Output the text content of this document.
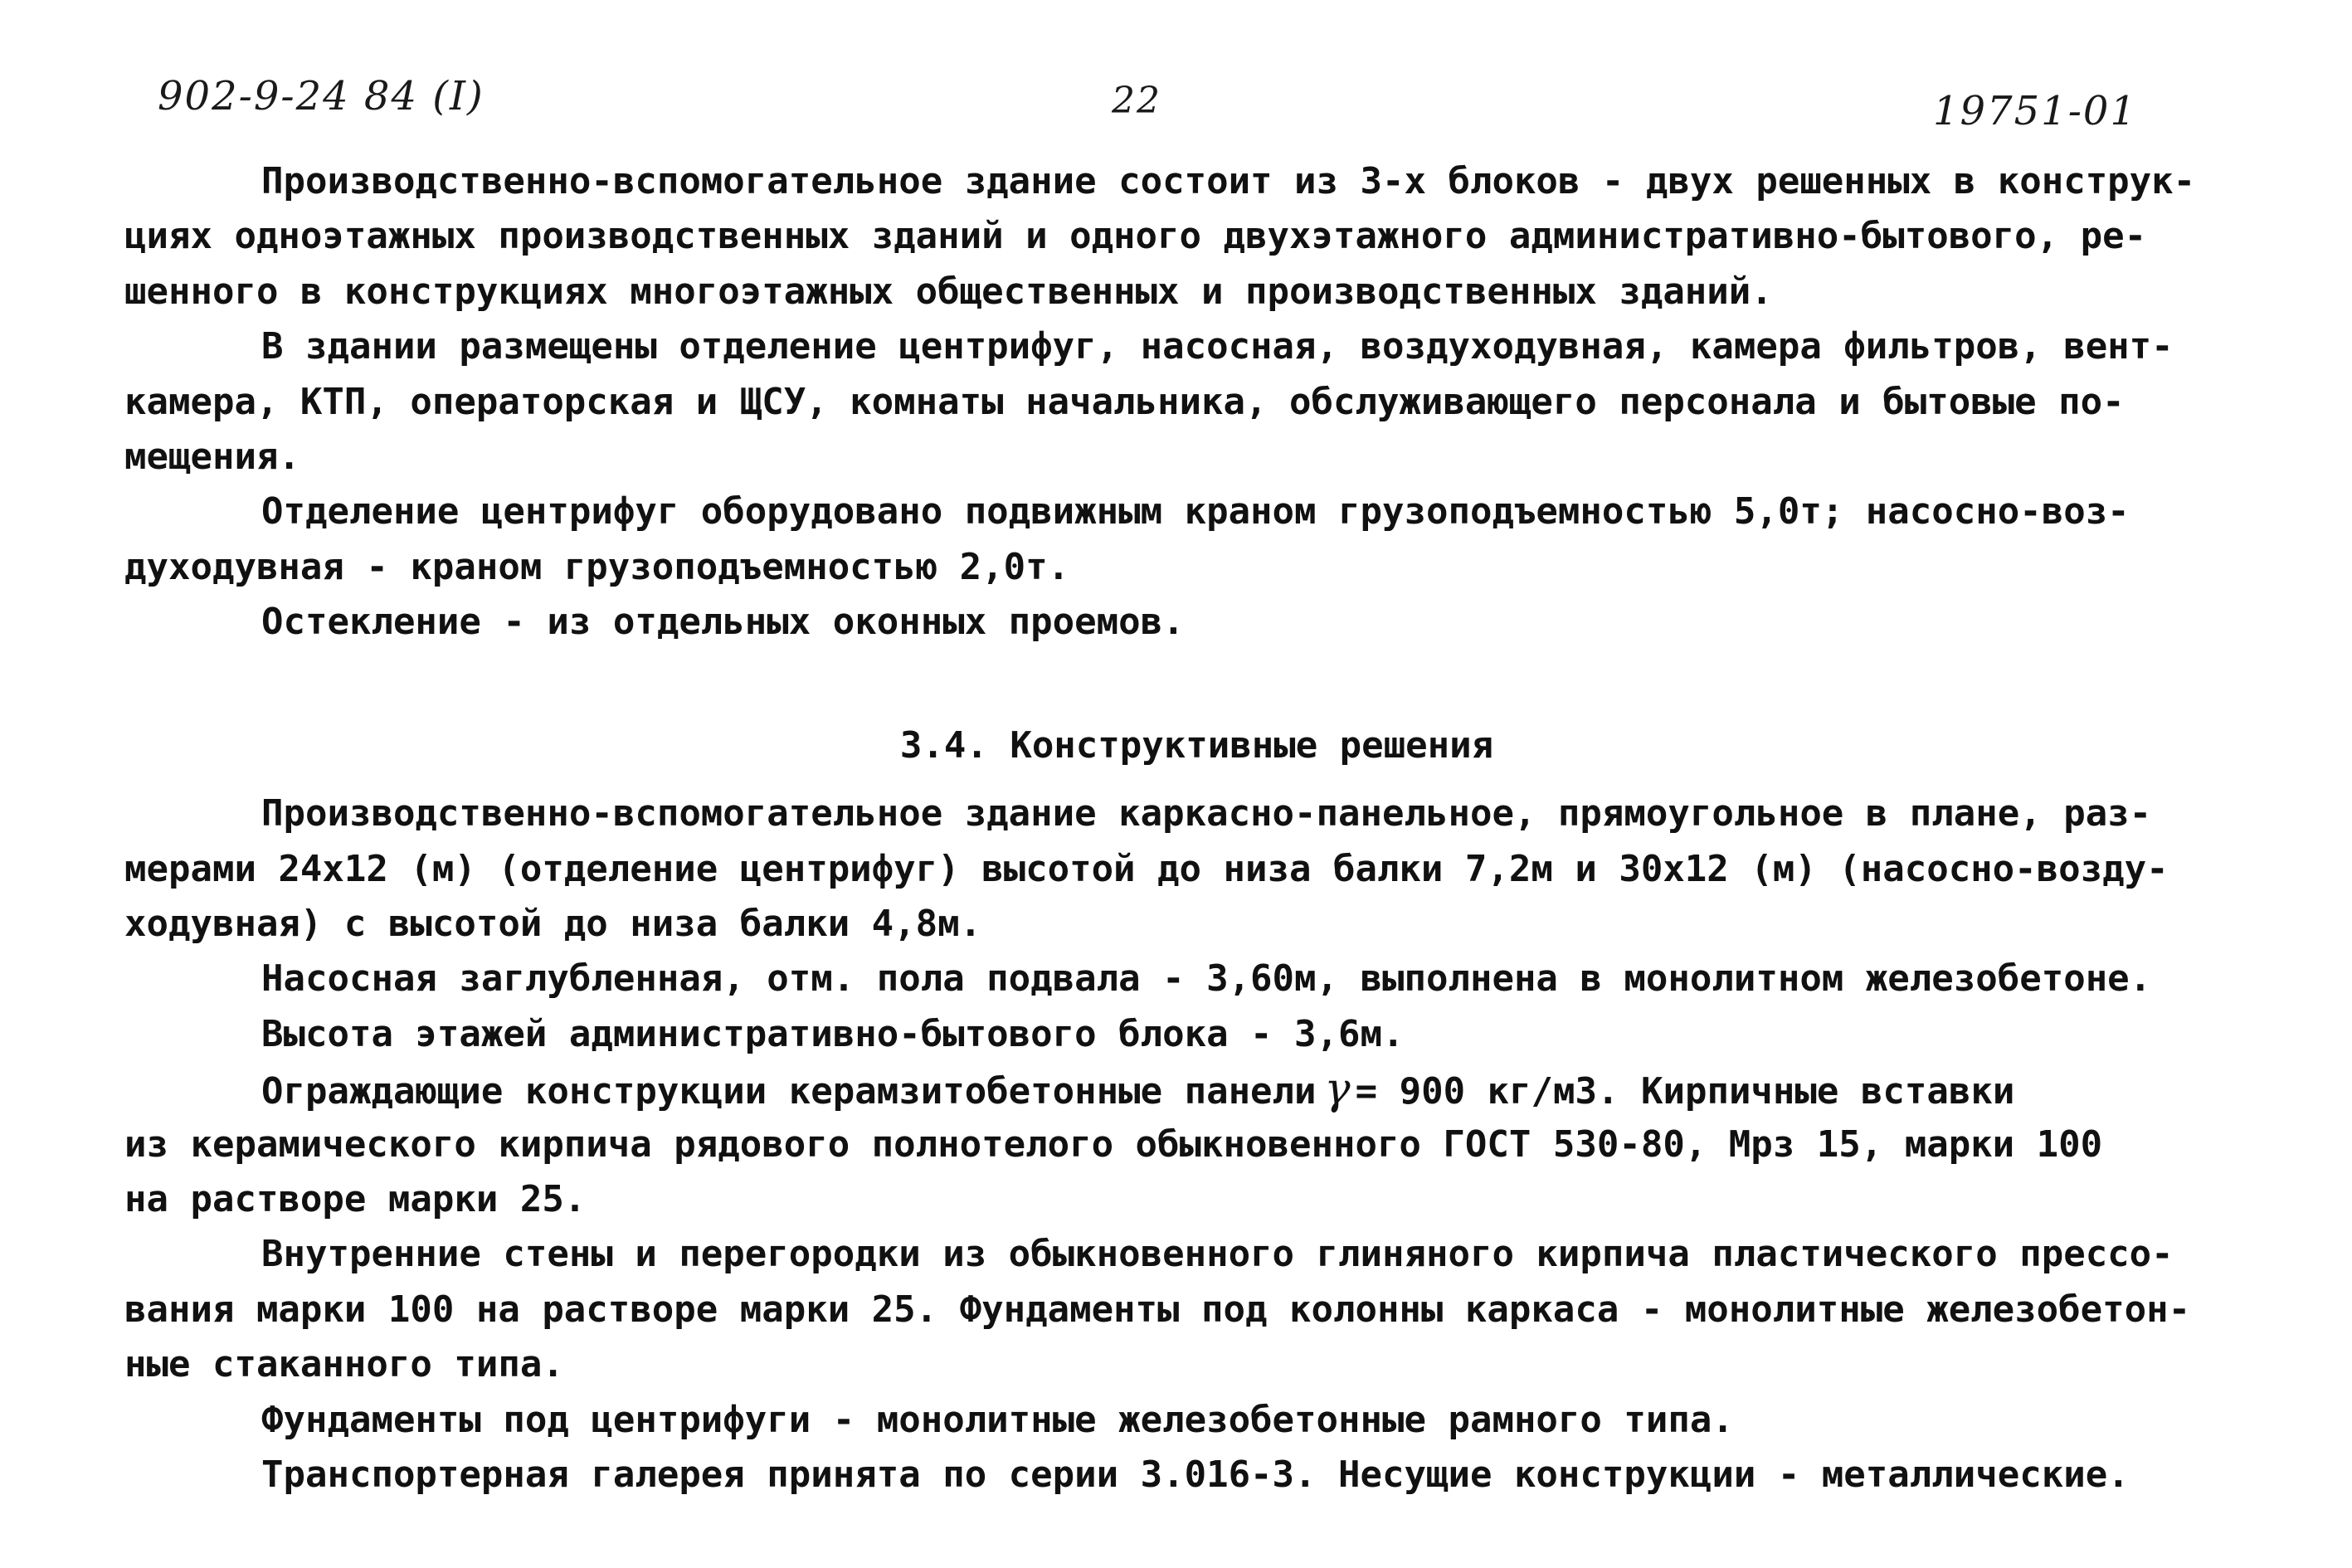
902-9-24 84 (I)	22	19751-01
Производственно-вспомогательное здание состоит из 3-х блоков - двух решенных в конструк-
циях одноэтажных производственных зданий и одного двухэтажного административно-бытового, ре-
шенного в конструкциях многоэтажных общественных и производственных зданий.
В здании размещены отделение центрифуг, насосная, воздуходувная, камера фильтров, вент-
камера, КТП, операторская и ЩСУ, комнаты начальника, обслуживающего персонала и бытовые по-
мещения.
Отделение центрифуг оборудовано подвижным краном грузоподъемностью 5,0т; насосно-воз-
духодувная - краном грузоподъемностью 2,0т.
Остекление - из отдельных оконных проемов.
3.4. Конструктивные решения
Производственно-вспомогательное здание каркасно-панельное, прямоугольное в плане, раз-
мерами 24х12 (м) (отделение центрифуг) высотой до низа балки 7,2м и 30х12 (м) (насосно-возду-
ходувная) с высотой до низа балки 4,8м.
Насосная заглубленная, отм. пола подвала - 3,60м, выполнена в монолитном железобетоне.
Высота этажей административно-бытового блока - 3,6м.
Ограждающие конструкции керамзитобетонные панели γ = 900 кг/м3. Кирпичные вставки
из керамического кирпича рядового полнотелого обыкновенного ГОСТ 530-80, Мрз 15, марки 100
на растворе марки 25.
Внутренние стены и перегородки из обыкновенного глиняного кирпича пластического прессо-
вания марки 100 на растворе марки 25. Фундаменты под колонны каркаса - монолитные железобетон-
ные стаканного типа.
Фундаменты под центрифуги - монолитные железобетонные рамного типа.
Транспортерная галерея принята по серии 3.016-3. Несущие конструкции - металлические.
